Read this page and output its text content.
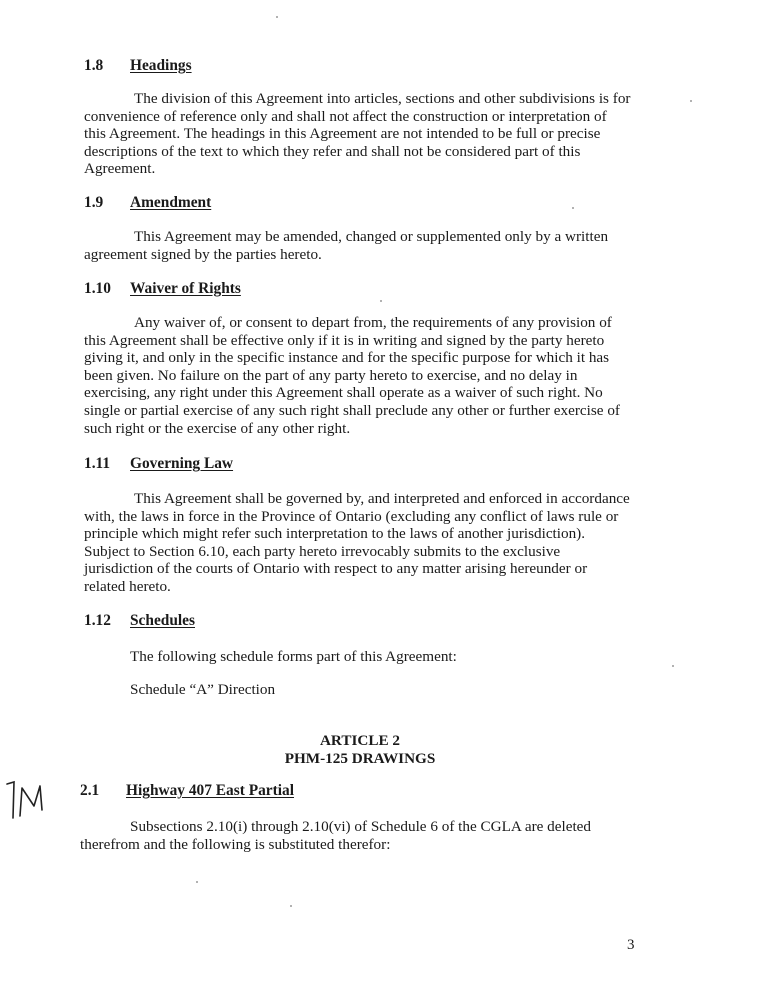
1.8 Headings
The division of this Agreement into articles, sections and other subdivisions is for
convenience of reference only and shall not affect the construction or interpretation of
this Agreement. The headings in this Agreement are not intended to be full or precise
descriptions of the text to which they refer and shall not be considered part of this
Agreement.
1.9 Amendment
This Agreement may be amended, changed or supplemented only by a written
agreement signed by the parties hereto.
1.10 Waiver of Rights
Any waiver of, or consent to depart from, the requirements of any provision of
this Agreement shall be effective only if it is in writing and signed by the party hereto
giving it, and only in the specific instance and for the specific purpose for which it has
been given. No failure on the part of any party hereto to exercise, and no delay in
exercising, any right under this Agreement shall operate as a waiver of such right. No
single or partial exercise of any such right shall preclude any other or further exercise of
such right or the exercise of any other right.
1.11 Governing Law
This Agreement shall be governed by, and interpreted and enforced in accordance
with, the laws in force in the Province of Ontario (excluding any conflict of laws rule or
principle which might refer such interpretation to the laws of another jurisdiction).
Subject to Section 6.10, each party hereto irrevocably submits to the exclusive
jurisdiction of the courts of Ontario with respect to any matter arising hereunder or
related hereto.
1.12 Schedules
The following schedule forms part of this Agreement:
Schedule “A” Direction
ARTICLE 2
PHM-125 DRAWINGS
2.1 Highway 407 East Partial
Subsections 2.10(i) through 2.10(vi) of Schedule 6 of the CGLA are deleted
therefrom and the following is substituted therefor:
3
